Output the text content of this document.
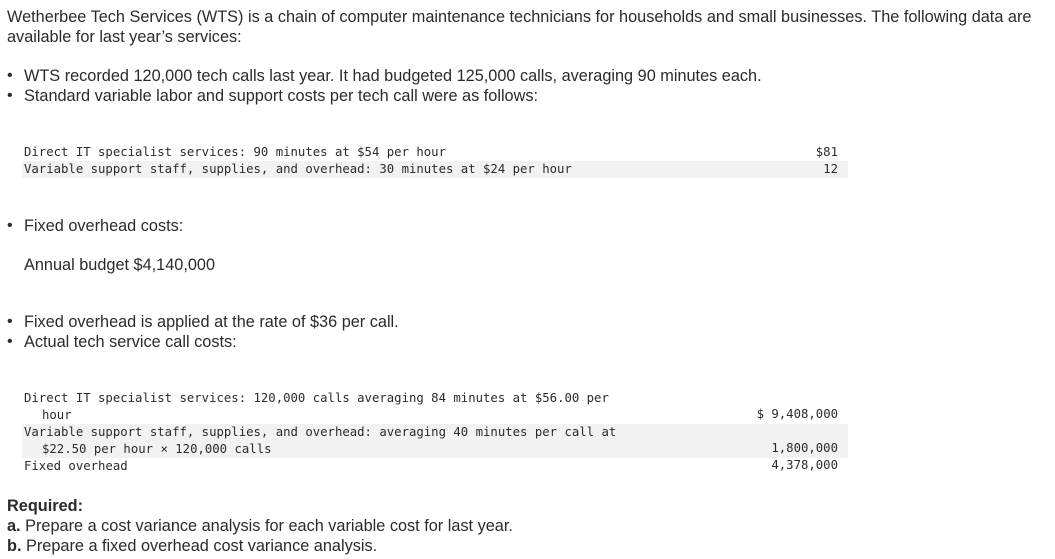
Wetherbee Tech Services (WTS) is a chain of computer maintenance technicians for households and small businesses. The following data are available for last year’s services:

• WTS recorded 120,000 tech calls last year. It had budgeted 125,000 calls, averaging 90 minutes each.
• Standard variable labor and support costs per tech call were as follows:
Direct IT specialist services: 90 minutes at $54 per hour	$81
Variable support staff, supplies, and overhead: 30 minutes at $24 per hour	12
• Fixed overhead costs:
Annual budget $4,140,000
• Fixed overhead is applied at the rate of $36 per call.
• Actual tech service call costs:
Direct IT specialist services: 120,000 calls averaging 84 minutes at $56.00 per
hour	$ 9,408,000
Variable support staff, supplies, and overhead: averaging 40 minutes per call at
$22.50 per hour × 120,000 calls	1,800,000
Fixed overhead	4,378,000
Required:
a. Prepare a cost variance analysis for each variable cost for last year.
b. Prepare a fixed overhead cost variance analysis.
